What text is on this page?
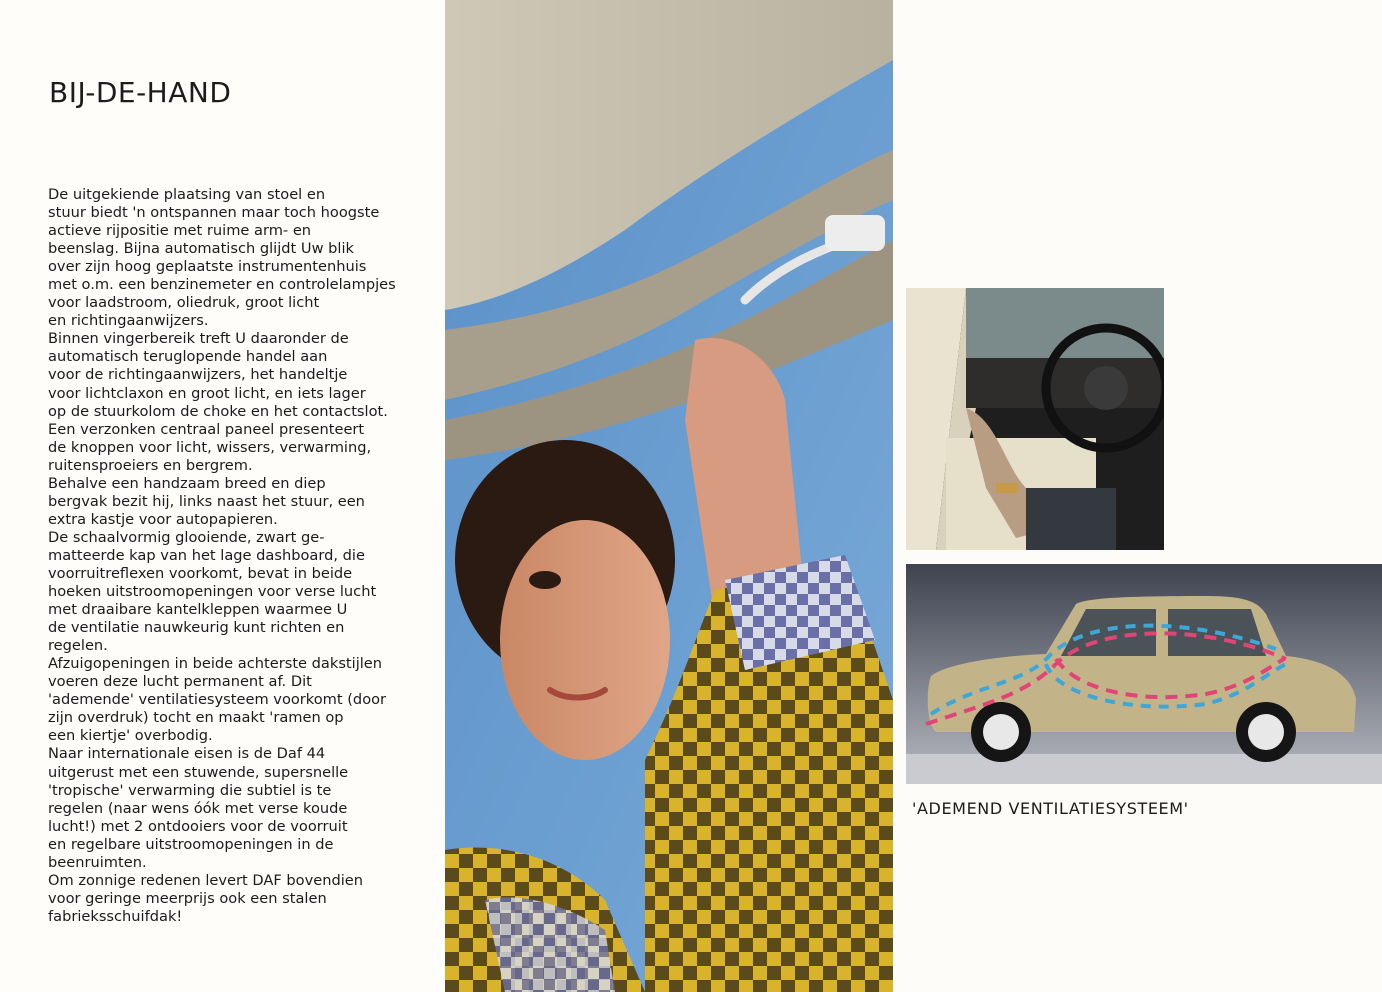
BIJ-DE-HAND
De uitgekiende plaatsing van stoel en
stuur biedt 'n ontspannen maar toch hoogste
actieve rijpositie met ruime arm- en
beenslag. Bijna automatisch glijdt Uw blik
over zijn hoog geplaatste instrumentenhuis
met o.m. een benzinemeter en controlelampjes
voor laadstroom, oliedruk, groot licht
en richtingaanwijzers.
Binnen vingerbereik treft U daaronder de
automatisch teruglopende handel aan
voor de richtingaanwijzers, het handeltje
voor lichtclaxon en groot licht, en iets lager
op de stuurkolom de choke en het contactslot.
Een verzonken centraal paneel presenteert
de knoppen voor licht, wissers, verwarming,
ruitensproeiers en bergrem.
Behalve een handzaam breed en diep
bergvak bezit hij, links naast het stuur, een
extra kastje voor autopapieren.
De schaalvormig glooiende, zwart ge-
matteerde kap van het lage dashboard, die
voorruitreflexen voorkomt, bevat in beide
hoeken uitstroomopeningen voor verse lucht
met draaibare kantelkleppen waarmee U
de ventilatie nauwkeurig kunt richten en
regelen.
Afzuigopeningen in beide achterste dakstijlen
voeren deze lucht permanent af. Dit
'ademende' ventilatiesysteem voorkomt (door
zijn overdruk) tocht en maakt 'ramen op
een kiertje' overbodig.
Naar internationale eisen is de Daf 44
uitgerust met een stuwende, supersnelle
'tropische' verwarming die subtiel is te
regelen (naar wens óók met verse koude
lucht!) met 2 ontdooiers voor de voorruit
en regelbare uitstroomopeningen in de
beenruimten.
Om zonnige redenen levert DAF bovendien
voor geringe meerprijs ook een stalen
fabrieksschuifdak!

'ADEMEND VENTILATIESYSTEEM'
